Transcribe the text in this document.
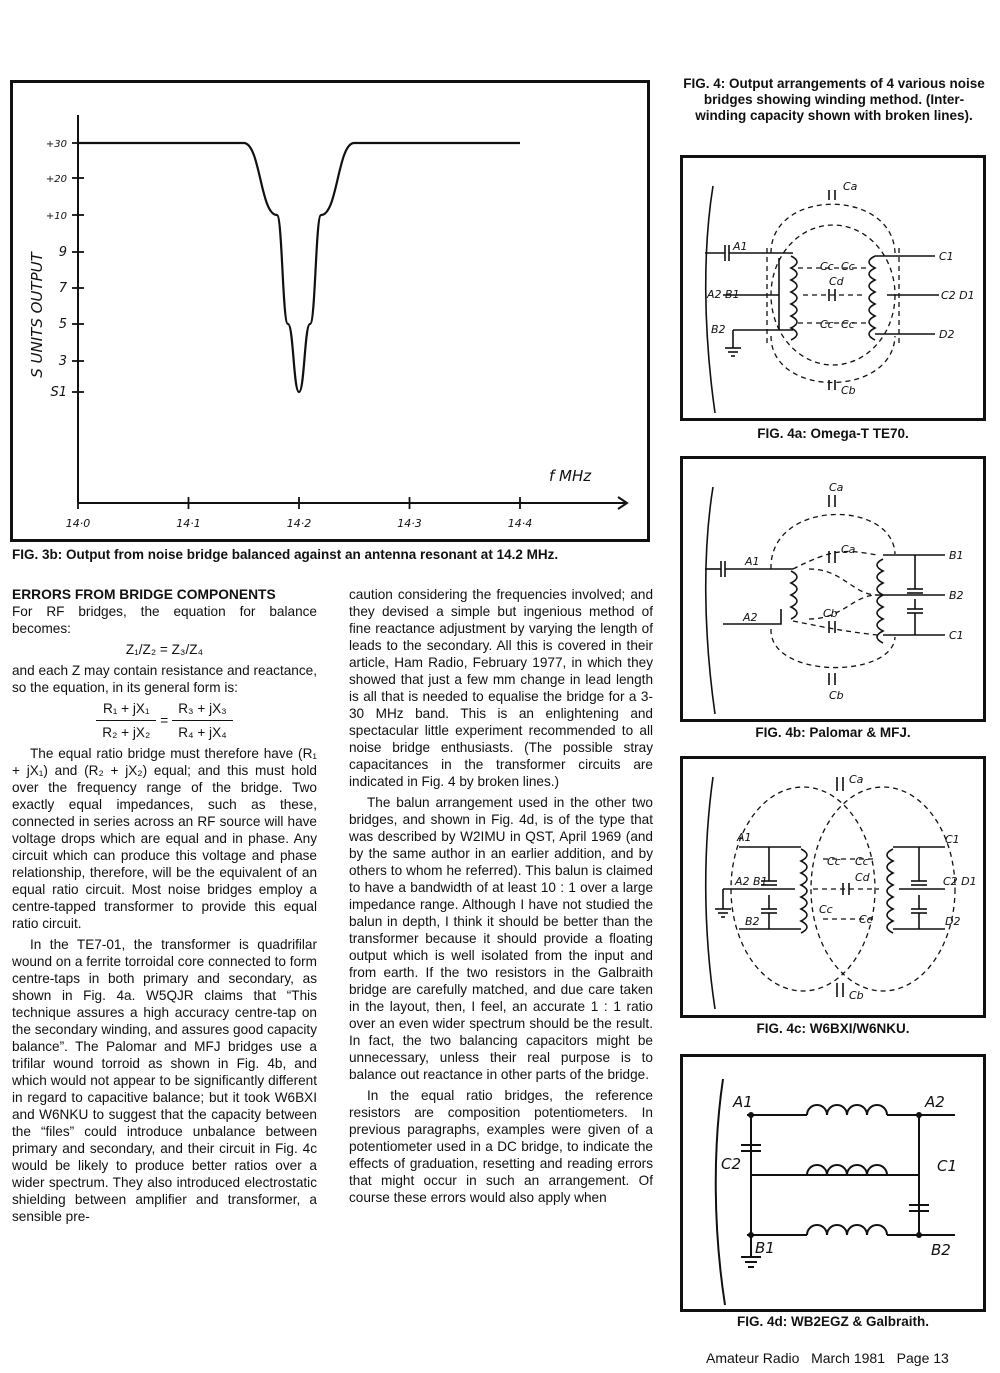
S UNITS OUTPUT
f MHz
+30
+20
+10
9
7
5
3
S1
14·0	14·1	14·2	14·3	14·4
FIG. 3b: Output from noise bridge balanced against an antenna resonant at 14.2 MHz.
FIG. 4: Output arrangements of 4 various noise bridges showing winding method. (Inter-winding capacity shown with broken lines).
Ca
Cb
Cc Cc
Cc Cc
Cd
A1
A2 B1
B2
C1
C2 D1
D2
FIG. 4a: Omega-T TE70.
Ca
Ca
Cb
Cb
A1
A2
B1
B2
C1
FIG. 4b: Palomar & MFJ.
Ca
Cb
Cc Cc
Cc
Cc
Cd
A1
A2 B1
B2
C1
C2 D1
D2
FIG. 4c: W6BXI/W6NKU.
A1	A2
B1	B2
C1
C2
FIG. 4d: WB2EGZ & Galbraith.
ERRORS FROM BRIDGE COMPONENTS

For RF bridges, the equation for balance becomes:

Z₁/Z₂ = Z₃/Z₄

and each Z may contain resistance and reactance, so the equation, in its general form is:

$\frac{\text{R₁ + jX₁}}{\text{R₂ + jX₂}} = \frac{\text{R₃ + jX₃}}{\text{R₄ + jX₄}}$

The equal ratio bridge must therefore have (R₁ + jX₁) and (R₂ + jX₂) equal; and this must hold over the frequency range of the bridge. Two exactly equal impedances, such as these, connected in series across an RF source will have voltage drops which are equal and in phase. Any circuit which can produce this voltage and phase relationship, therefore, will be the equivalent of an equal ratio circuit. Most noise bridges employ a centre-tapped transformer to provide this equal ratio circuit.

In the TE7-01, the transformer is quadrifilar wound on a ferrite torroidal core connected to form centre-taps in both primary and secondary, as shown in Fig. 4a. W5QJR claims that “This technique assures a high accuracy centre-tap on the secondary winding, and assures good capacity balance”. The Palomar and MFJ bridges use a trifilar wound torroid as shown in Fig. 4b, and which would not appear to be significantly different in regard to capacitive balance; but it took W6BXI and W6NKU to suggest that the capacity between the “files” could introduce unbalance between primary and secondary, and their circuit in Fig. 4c would be likely to produce better ratios over a wider spectrum. They also introduced electrostatic shielding between amplifier and transformer, a sensible pre-

caution considering the frequencies involved; and they devised a simple but ingenious method of fine reactance adjustment by varying the length of leads to the secondary. All this is covered in their article, Ham Radio, February 1977, in which they showed that just a few mm change in lead length is all that is needed to equalise the bridge for a 3-30 MHz band. This is an enlightening and spectacular little experiment recommended to all noise bridge enthusiasts. (The possible stray capacitances in the transformer circuits are indicated in Fig. 4 by broken lines.)

The balun arrangement used in the other two bridges, and shown in Fig. 4d, is of the type that was described by W2IMU in QST, April 1969 (and by the same author in an earlier addition, and by others to whom he referred). This balun is claimed to have a bandwidth of at least 10 : 1 over a large impedance range. Although I have not studied the balun in depth, I think it should be better than the transformer because it should provide a floating output which is well isolated from the input and from earth. If the two resistors in the Galbraith bridge are carefully matched, and due care taken in the layout, then, I feel, an accurate 1 : 1 ratio over an even wider spectrum should be the result. In fact, the two balancing capacitors might be unnecessary, unless their real purpose is to balance out reactance in other parts of the bridge.

In the equal ratio bridges, the reference resistors are composition potentiometers. In previous paragraphs, examples were given of a potentiometer used in a DC bridge, to indicate the effects of graduation, resetting and reading errors that might occur in such an arrangement. Of course these errors would also apply when

Amateur Radio March 1981 Page 13
